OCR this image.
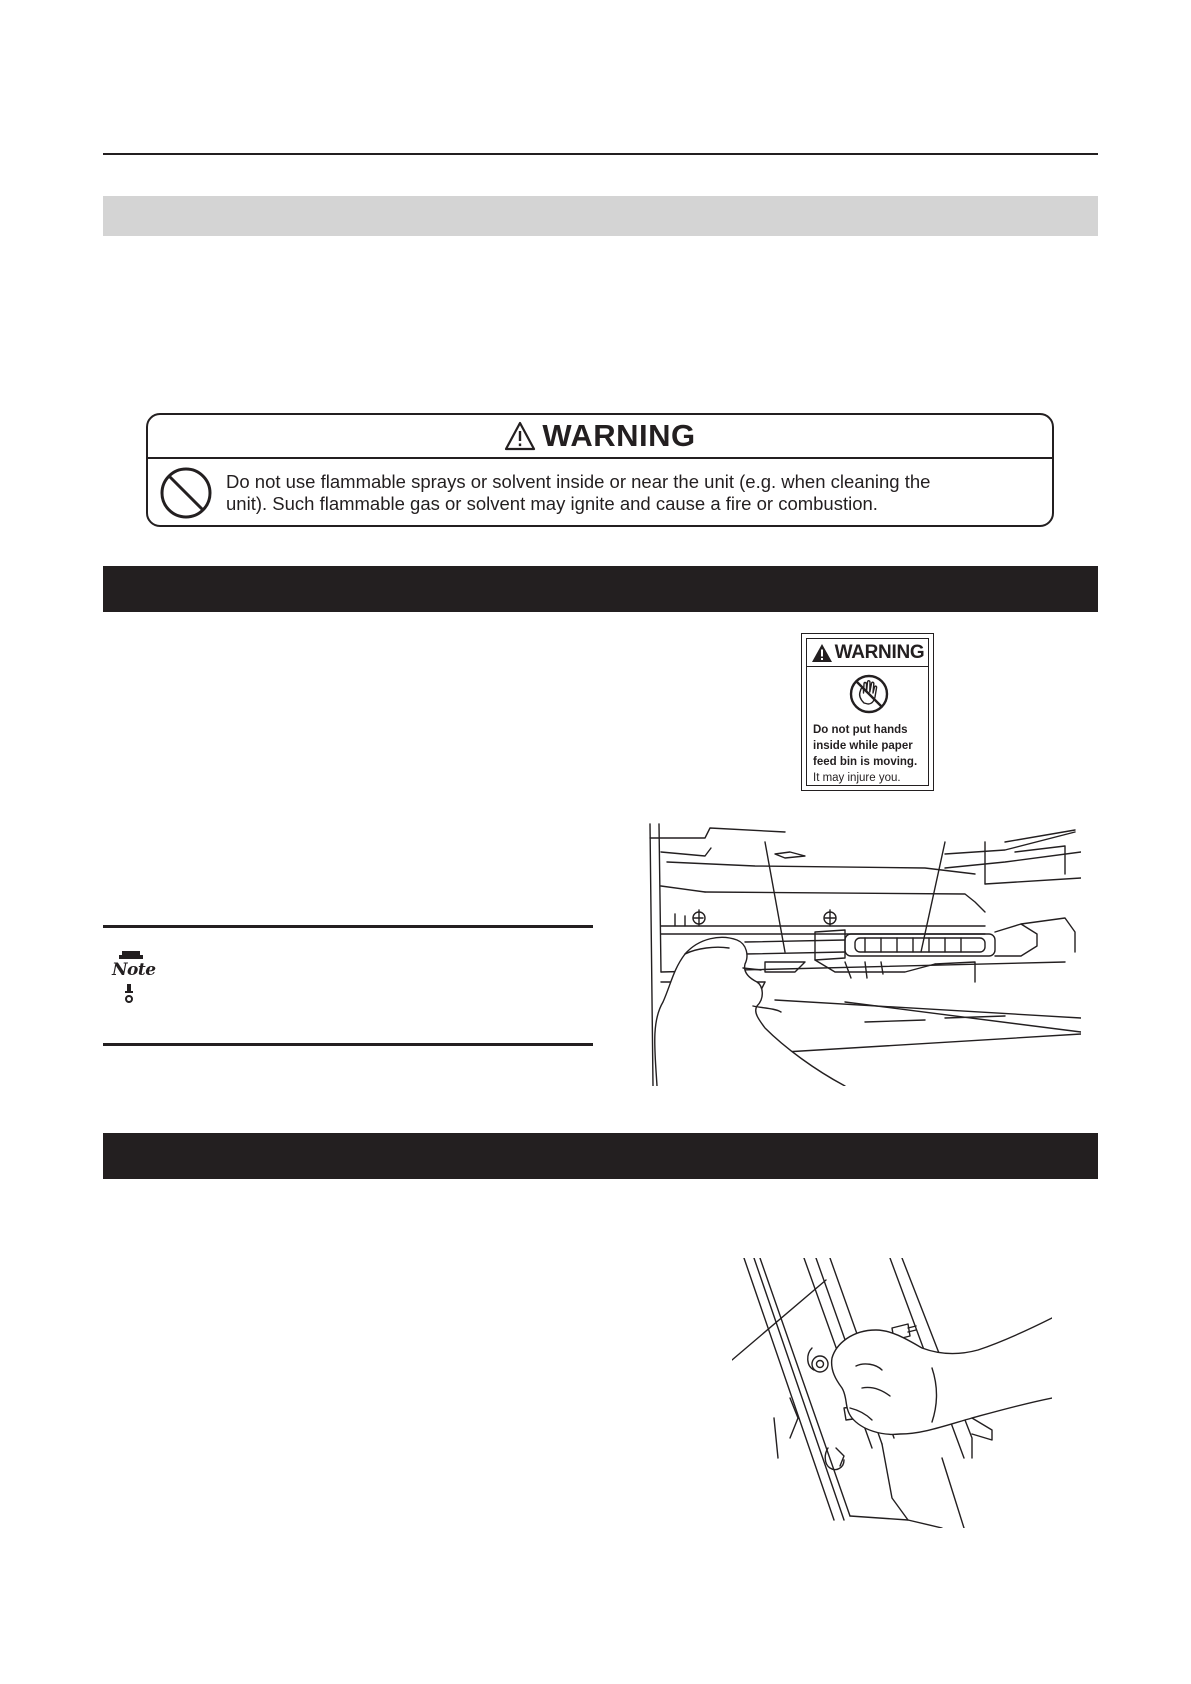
WARNING
Do not use flammable sprays or solvent inside or near the unit (e.g. when cleaning the
unit). Such flammable gas or solvent may ignite and cause a fire or combustion.
WARNING
Do not put hands
inside while paper
feed bin is moving.
It may injure you.
Note
